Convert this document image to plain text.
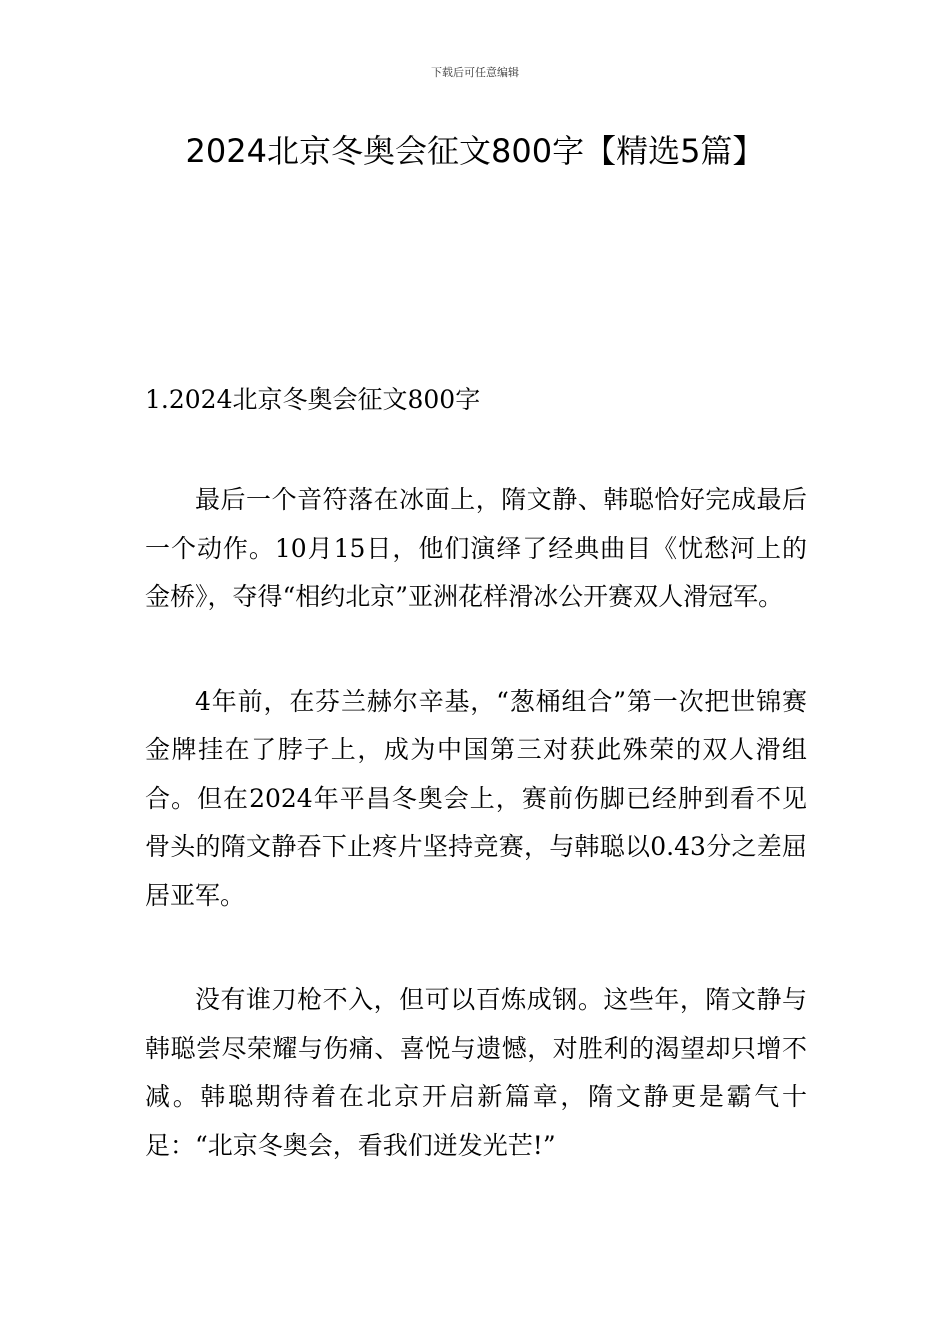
下载后可任意编辑
2024北京冬奥会征文800字【精选5篇】
1.2024北京冬奥会征文800字

最后一个音符落在冰面上，隋文静、韩聪恰好完成最后一个动作。10月15日，他们演绎了经典曲目《忧愁河上的金桥》，夺得“相约北京”亚洲花样滑冰公开赛双人滑冠军。

4年前，在芬兰赫尔辛基，“葱桶组合”第一次把世锦赛金牌挂在了脖子上，成为中国第三对获此殊荣的双人滑组合。但在2024年平昌冬奥会上，赛前伤脚已经肿到看不见骨头的隋文静吞下止疼片坚持竞赛，与韩聪以0.43分之差屈居亚军。

没有谁刀枪不入，但可以百炼成钢。这些年，隋文静与韩聪尝尽荣耀与伤痛、喜悦与遗憾，对胜利的渴望却只增不减。韩聪期待着在北京开启新篇章，隋文静更是霸气十足：“北京冬奥会，看我们迸发光芒!”
